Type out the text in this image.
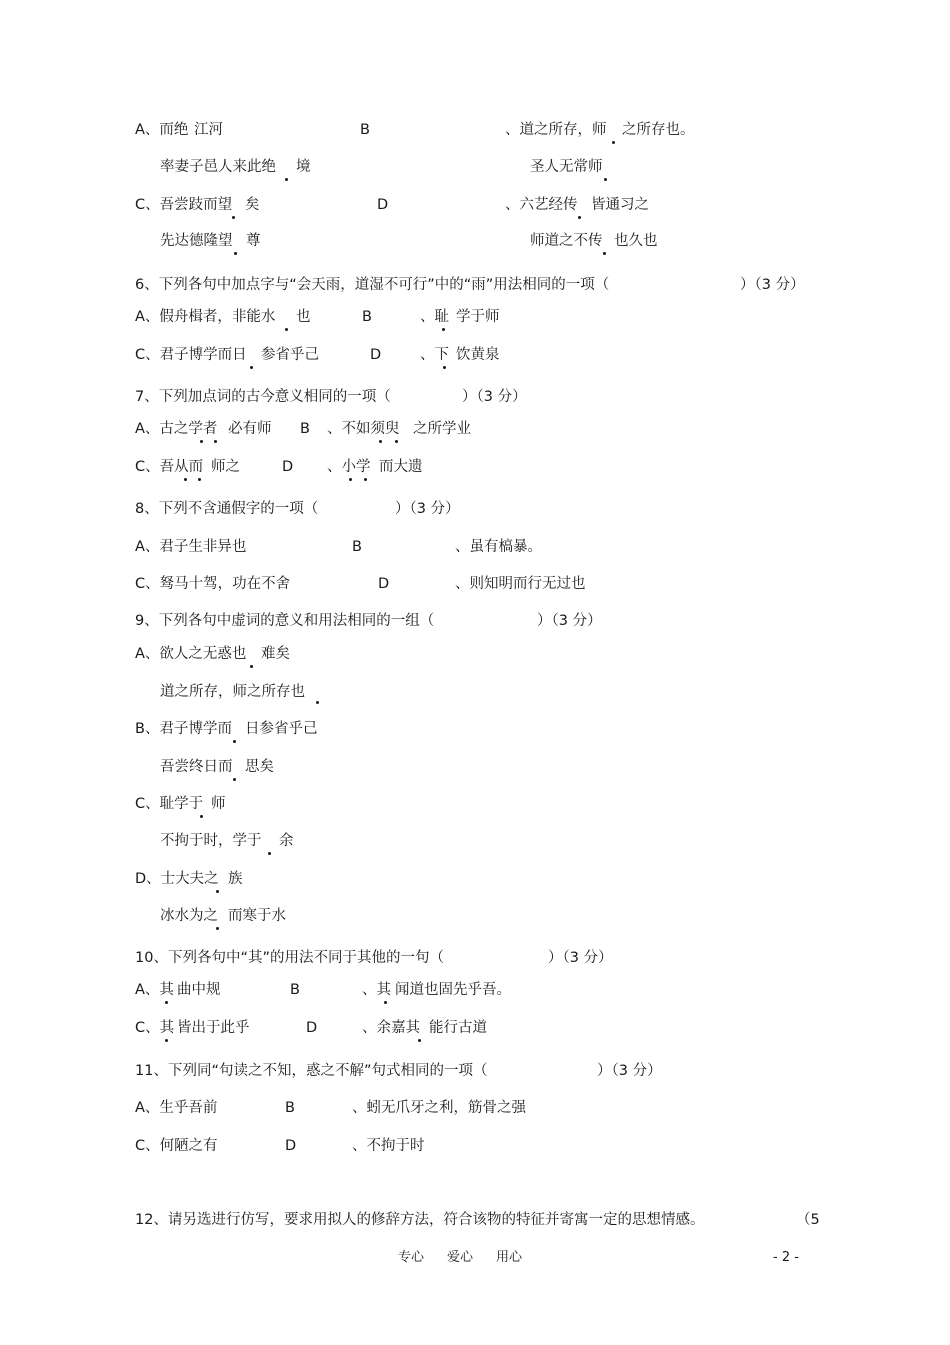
A、而绝 江河	B	、道之所存，师 之所存也。
率妻子邑人来此绝 境	圣人无常师
C、吾尝跂而望 矣	D	、六艺经传 皆通习之
先达德隆望 尊	师道之不传 也久也
6、下列各句中加点字与“会天雨，道湿不可行”中的“雨”用法相同的一项（	）（3 分）
A、假舟楫者，非能水 也	B	、耻 学于师
C、君子博学而日 参省乎己	D	、下 饮黄泉
7、下列加点词的古今意义相同的一项（	）（3 分）
A、古之学者 必有师 B 、不如须臾 之所学业
C、吾从而 师之	D 、小学 而大遗
8、下列不含通假字的一项（	）（3 分）
A、君子生非异也	B	、虽有槁暴。
C、驽马十驾，功在不舍	D	、则知明而行无过也
9、下列各句中虚词的意义和用法相同的一组（	）（3 分）
A、欲人之无惑也 难矣
道之所存，师之所存也
B、君子博学而 日参省乎己
吾尝终日而 思矣
C、耻学于 师
不拘于时，学于 余
D、士大夫之 族
冰水为之 而寒于水
10、下列各句中“其”的用法不同于其他的一句（	）（3 分）
A、其 曲中规	B	、其 闻道也固先乎吾。
C、其 皆出于此乎	D	、余嘉其 能行古道
11、下列同“句读之不知，惑之不解”句式相同的一项（	）（3 分）
A、生乎吾前	B	、蚓无爪牙之利，筋骨之强
C、何陋之有	D	、不拘于时
12、请另选进行仿写，要求用拟人的修辞方法，符合该物的特征并寄寓一定的思想情感。	（5
专心 爱心 用心	- 2 -
